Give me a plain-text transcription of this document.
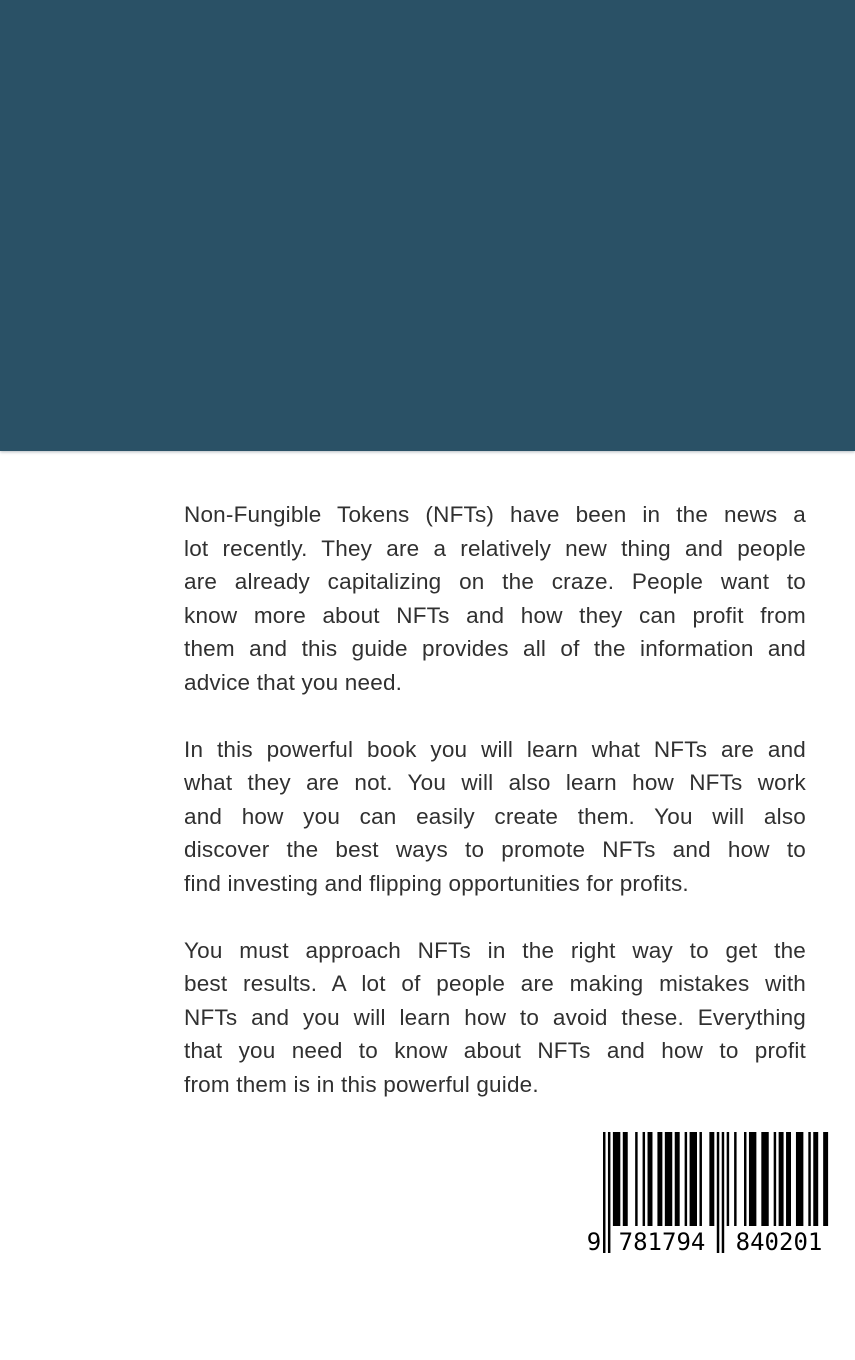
Non-Fungible Tokens (NFTs) have been in the news a
lot recently. They are a relatively new thing and people
are already capitalizing on the craze. People want to
know more about NFTs and how they can profit from
them and this guide provides all of the information and
advice that you need.
In this powerful book you will learn what NFTs are and
what they are not. You will also learn how NFTs work
and how you can easily create them. You will also
discover the best ways to promote NFTs and how to
find investing and flipping opportunities for profits.
You must approach NFTs in the right way to get the
best results. A lot of people are making mistakes with
NFTs and you will learn how to avoid these. Everything
that you need to know about NFTs and how to profit
from them is in this powerful guide.
9 781794	840201
